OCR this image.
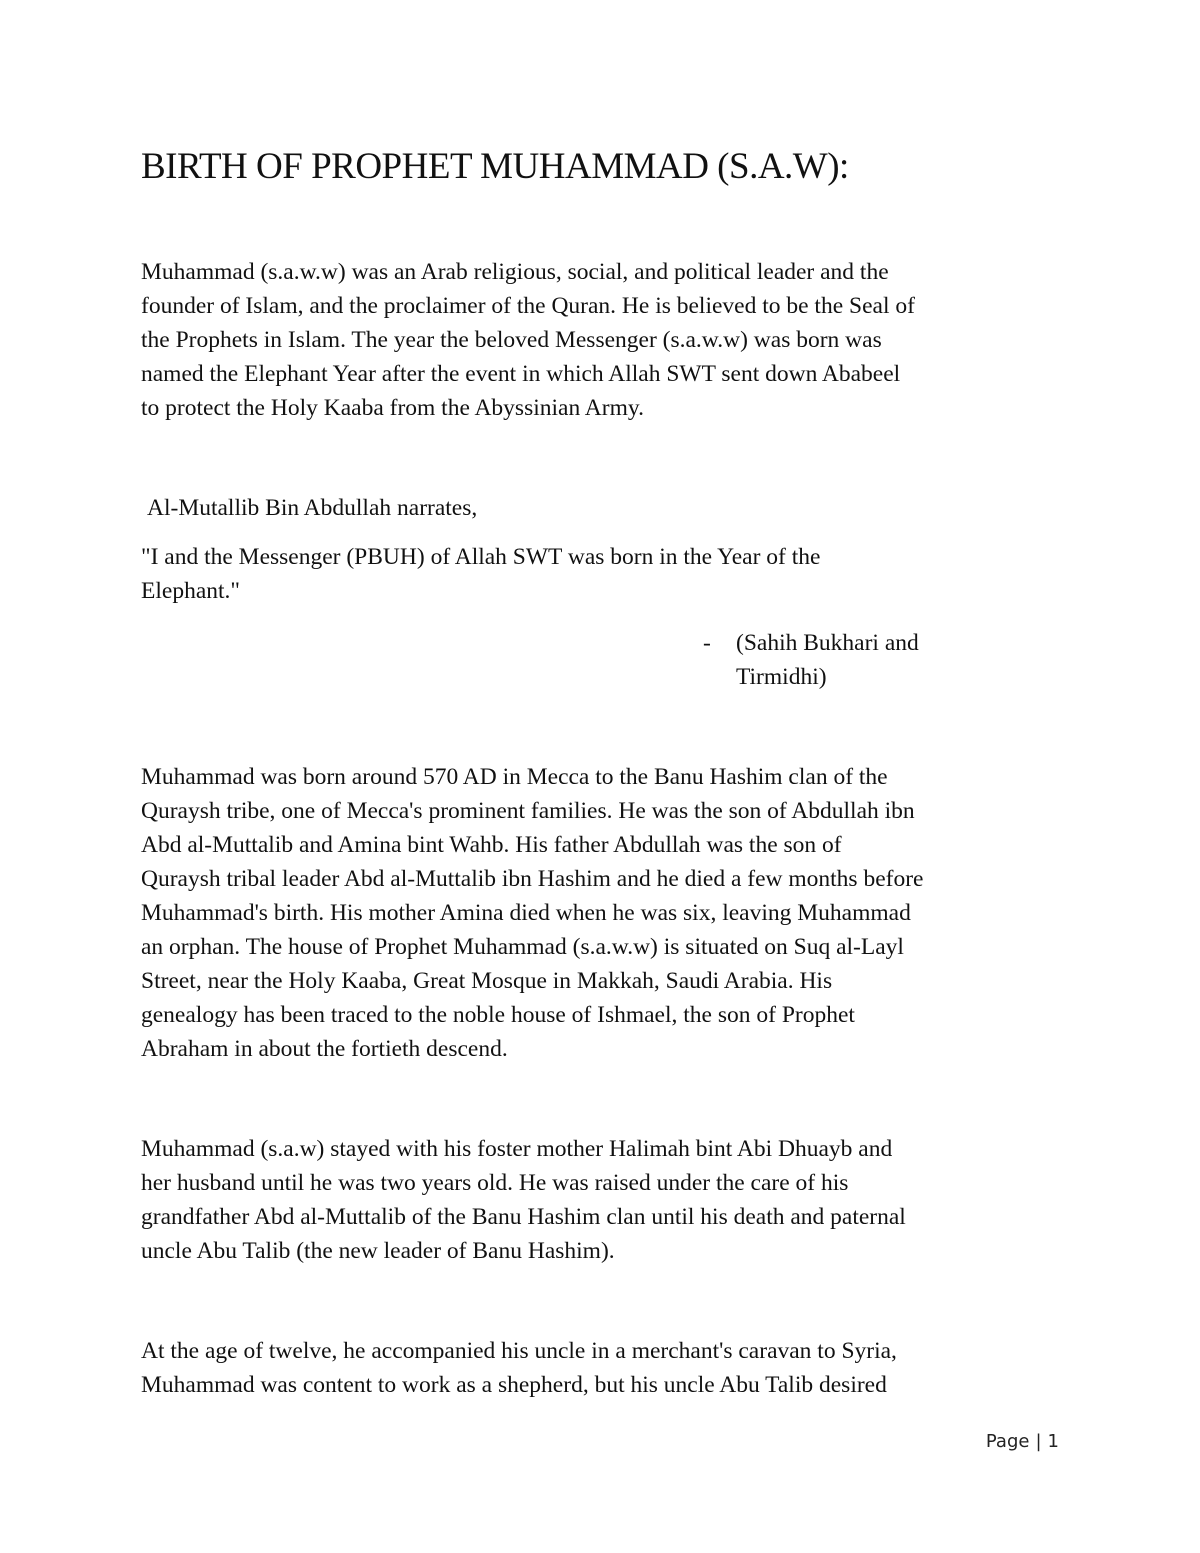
BIRTH OF PROPHET MUHAMMAD (S.A.W):
Muhammad (s.a.w.w) was an Arab religious, social, and political leader and the
founder of Islam, and the proclaimer of the Quran. He is believed to be the Seal of
the Prophets in Islam. The year the beloved Messenger (s.a.w.w) was born was
named the Elephant Year after the event in which Allah SWT sent down Ababeel
to protect the Holy Kaaba from the Abyssinian Army.
Al-Mutallib Bin Abdullah narrates,
"I and the Messenger (PBUH) of Allah SWT was born in the Year of the
Elephant."
- (Sahih Bukhari and Tirmidhi)
Muhammad was born around 570 AD in Mecca to the Banu Hashim clan of the
Quraysh tribe, one of Mecca's prominent families. He was the son of Abdullah ibn
Abd al-Muttalib and Amina bint Wahb. His father Abdullah was the son of
Quraysh tribal leader Abd al-Muttalib ibn Hashim and he died a few months before
Muhammad's birth. His mother Amina died when he was six, leaving Muhammad
an orphan. The house of Prophet Muhammad (s.a.w.w) is situated on Suq al-Layl
Street, near the Holy Kaaba, Great Mosque in Makkah, Saudi Arabia. His
genealogy has been traced to the noble house of Ishmael, the son of Prophet
Abraham in about the fortieth descend.
Muhammad (s.a.w) stayed with his foster mother Halimah bint Abi Dhuayb and
her husband until he was two years old. He was raised under the care of his
grandfather Abd al-Muttalib of the Banu Hashim clan until his death and paternal
uncle Abu Talib (the new leader of Banu Hashim).
At the age of twelve, he accompanied his uncle in a merchant's caravan to Syria,
Muhammad was content to work as a shepherd, but his uncle Abu Talib desired
Page | 1
